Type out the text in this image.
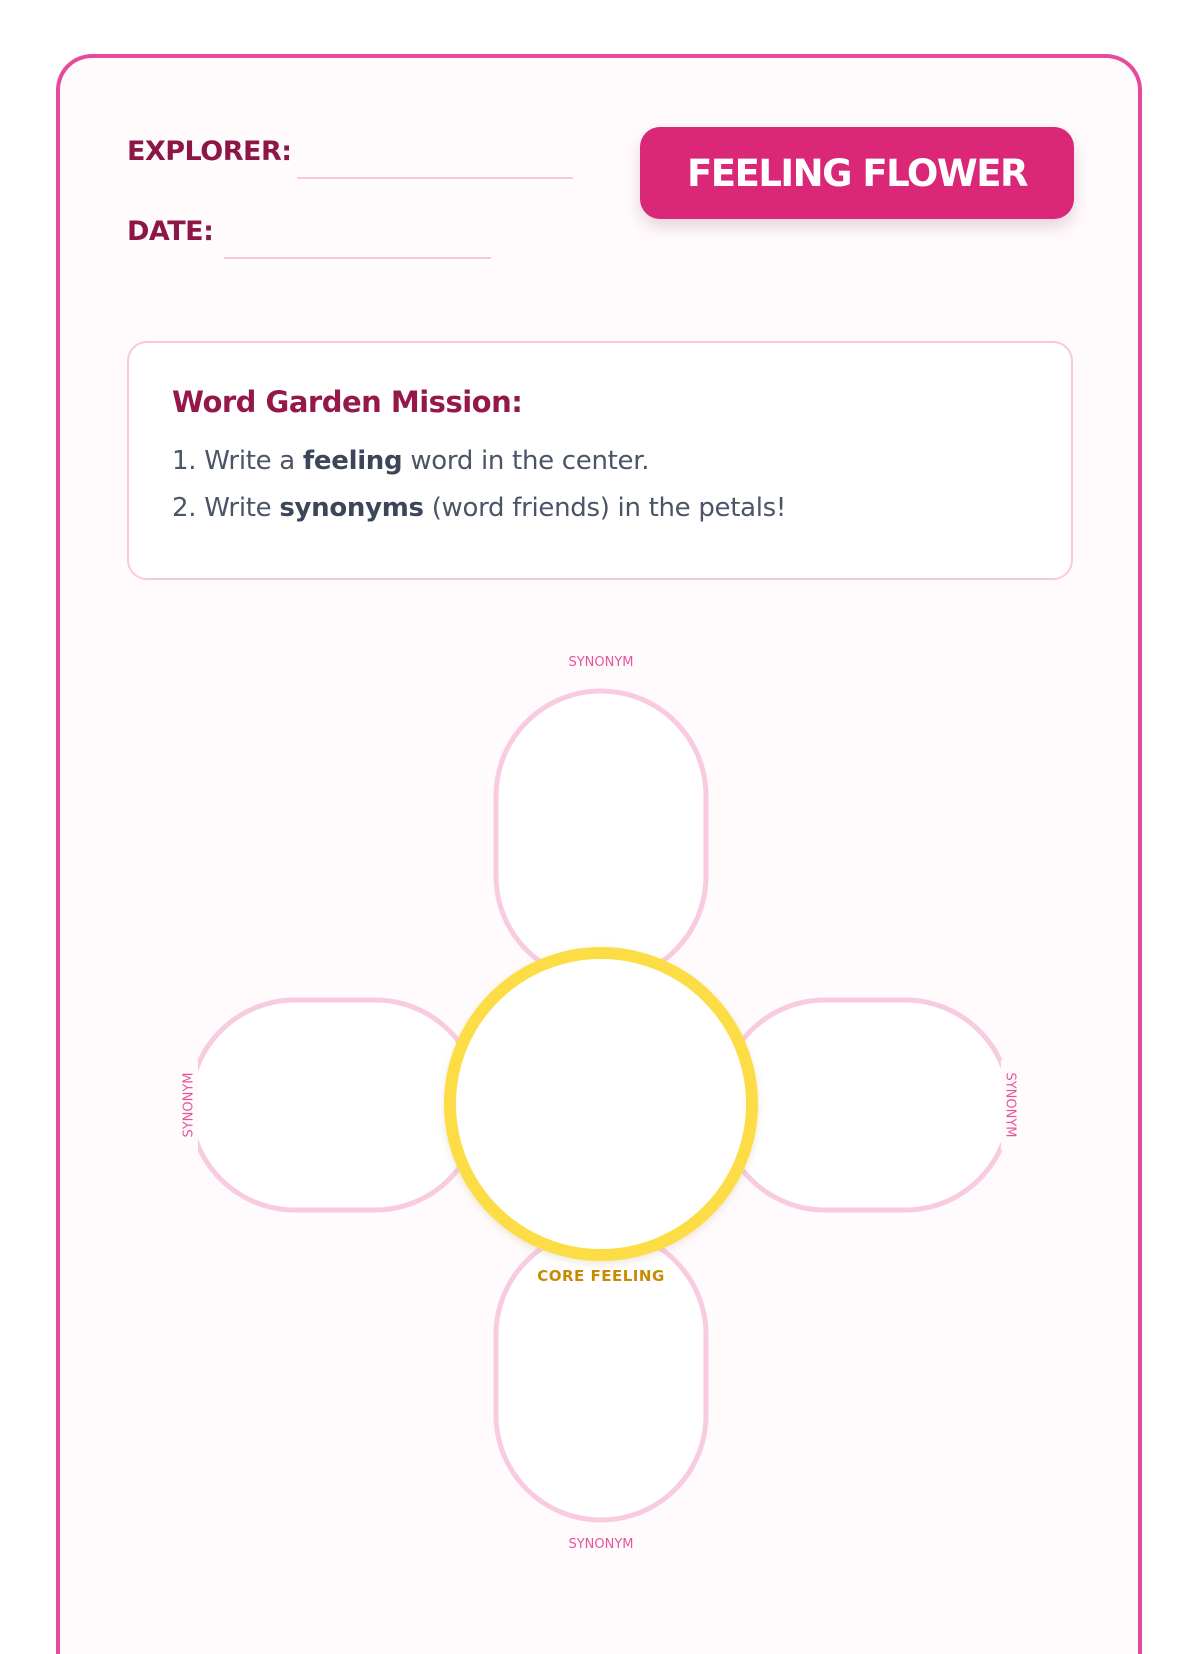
EXPLORER:
DATE:
FEELING FLOWER
Word Garden Mission:
1. Write a feeling word in the center.
2. Write synonyms (word friends) in the petals!
SYNONYM
SYNONYM
SYNONYM	SYNONYM
CORE FEELING
